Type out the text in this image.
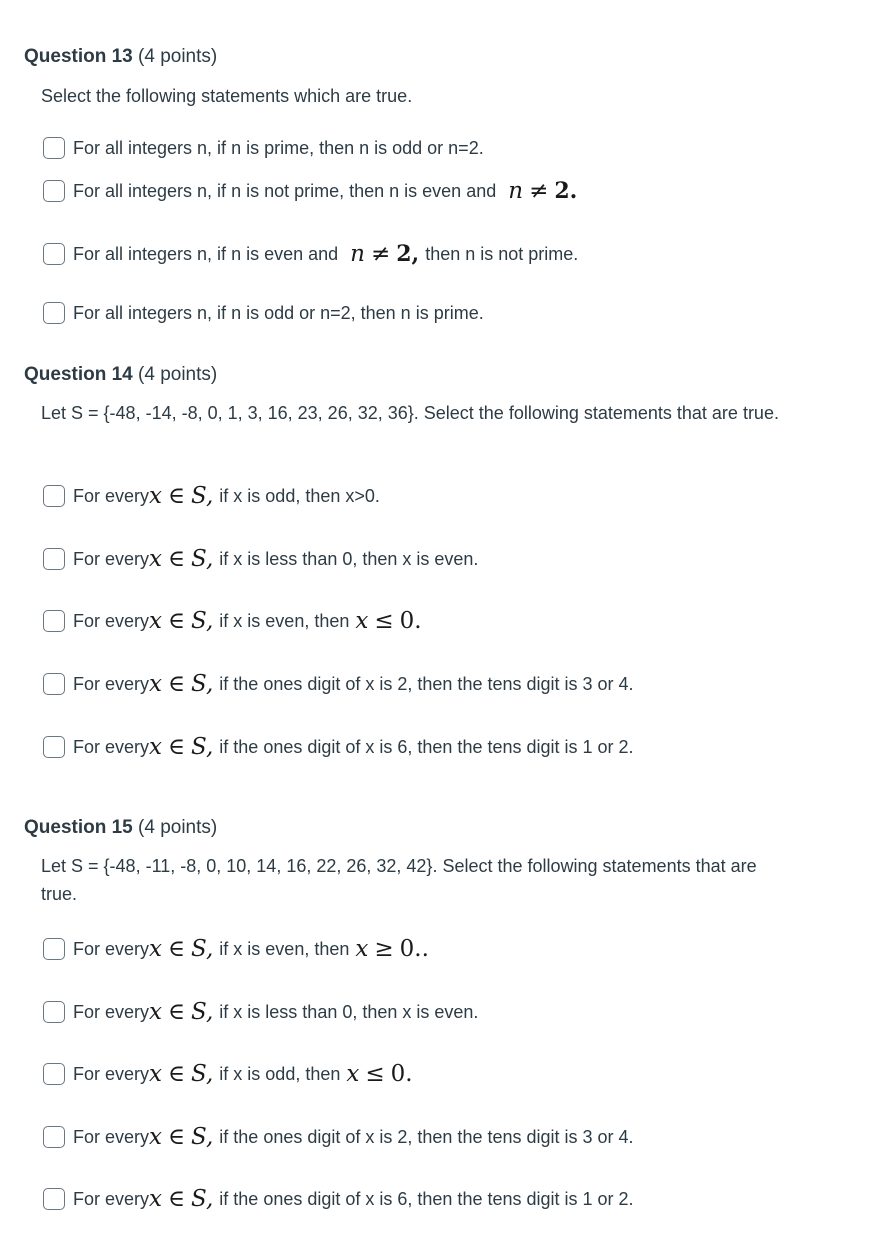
Question 13 (4 points)
Select the following statements which are true.
For all integers n, if n is prime, then n is odd or n=2.
For all integers n, if n is not prime, then n is even and n ≠ 2.
For all integers n, if n is even and n ≠ 2, then n is not prime.
For all integers n, if n is odd or n=2, then n is prime.
Question 14 (4 points)
Let S = {-48, -14, -8, 0, 1, 3, 16, 23, 26, 32, 36}. Select the following statements that are true.
For every x ∈ S, if x is odd, then x>0.
For every x ∈ S, if x is less than 0, then x is even.
For every x ∈ S, if x is even, then x ≤ 0.
For every x ∈ S, if the ones digit of x is 2, then the tens digit is 3 or 4.
For every x ∈ S, if the ones digit of x is 6, then the tens digit is 1 or 2.
Question 15 (4 points)
Let S = {-48, -11, -8, 0, 10, 14, 16, 22, 26, 32, 42}. Select the following statements that are true.
For every x ∈ S, if x is even, then x ≥ 0..
For every x ∈ S, if x is less than 0, then x is even.
For every x ∈ S, if x is odd, then x ≤ 0.
For every x ∈ S, if the ones digit of x is 2, then the tens digit is 3 or 4.
For every x ∈ S, if the ones digit of x is 6, then the tens digit is 1 or 2.
